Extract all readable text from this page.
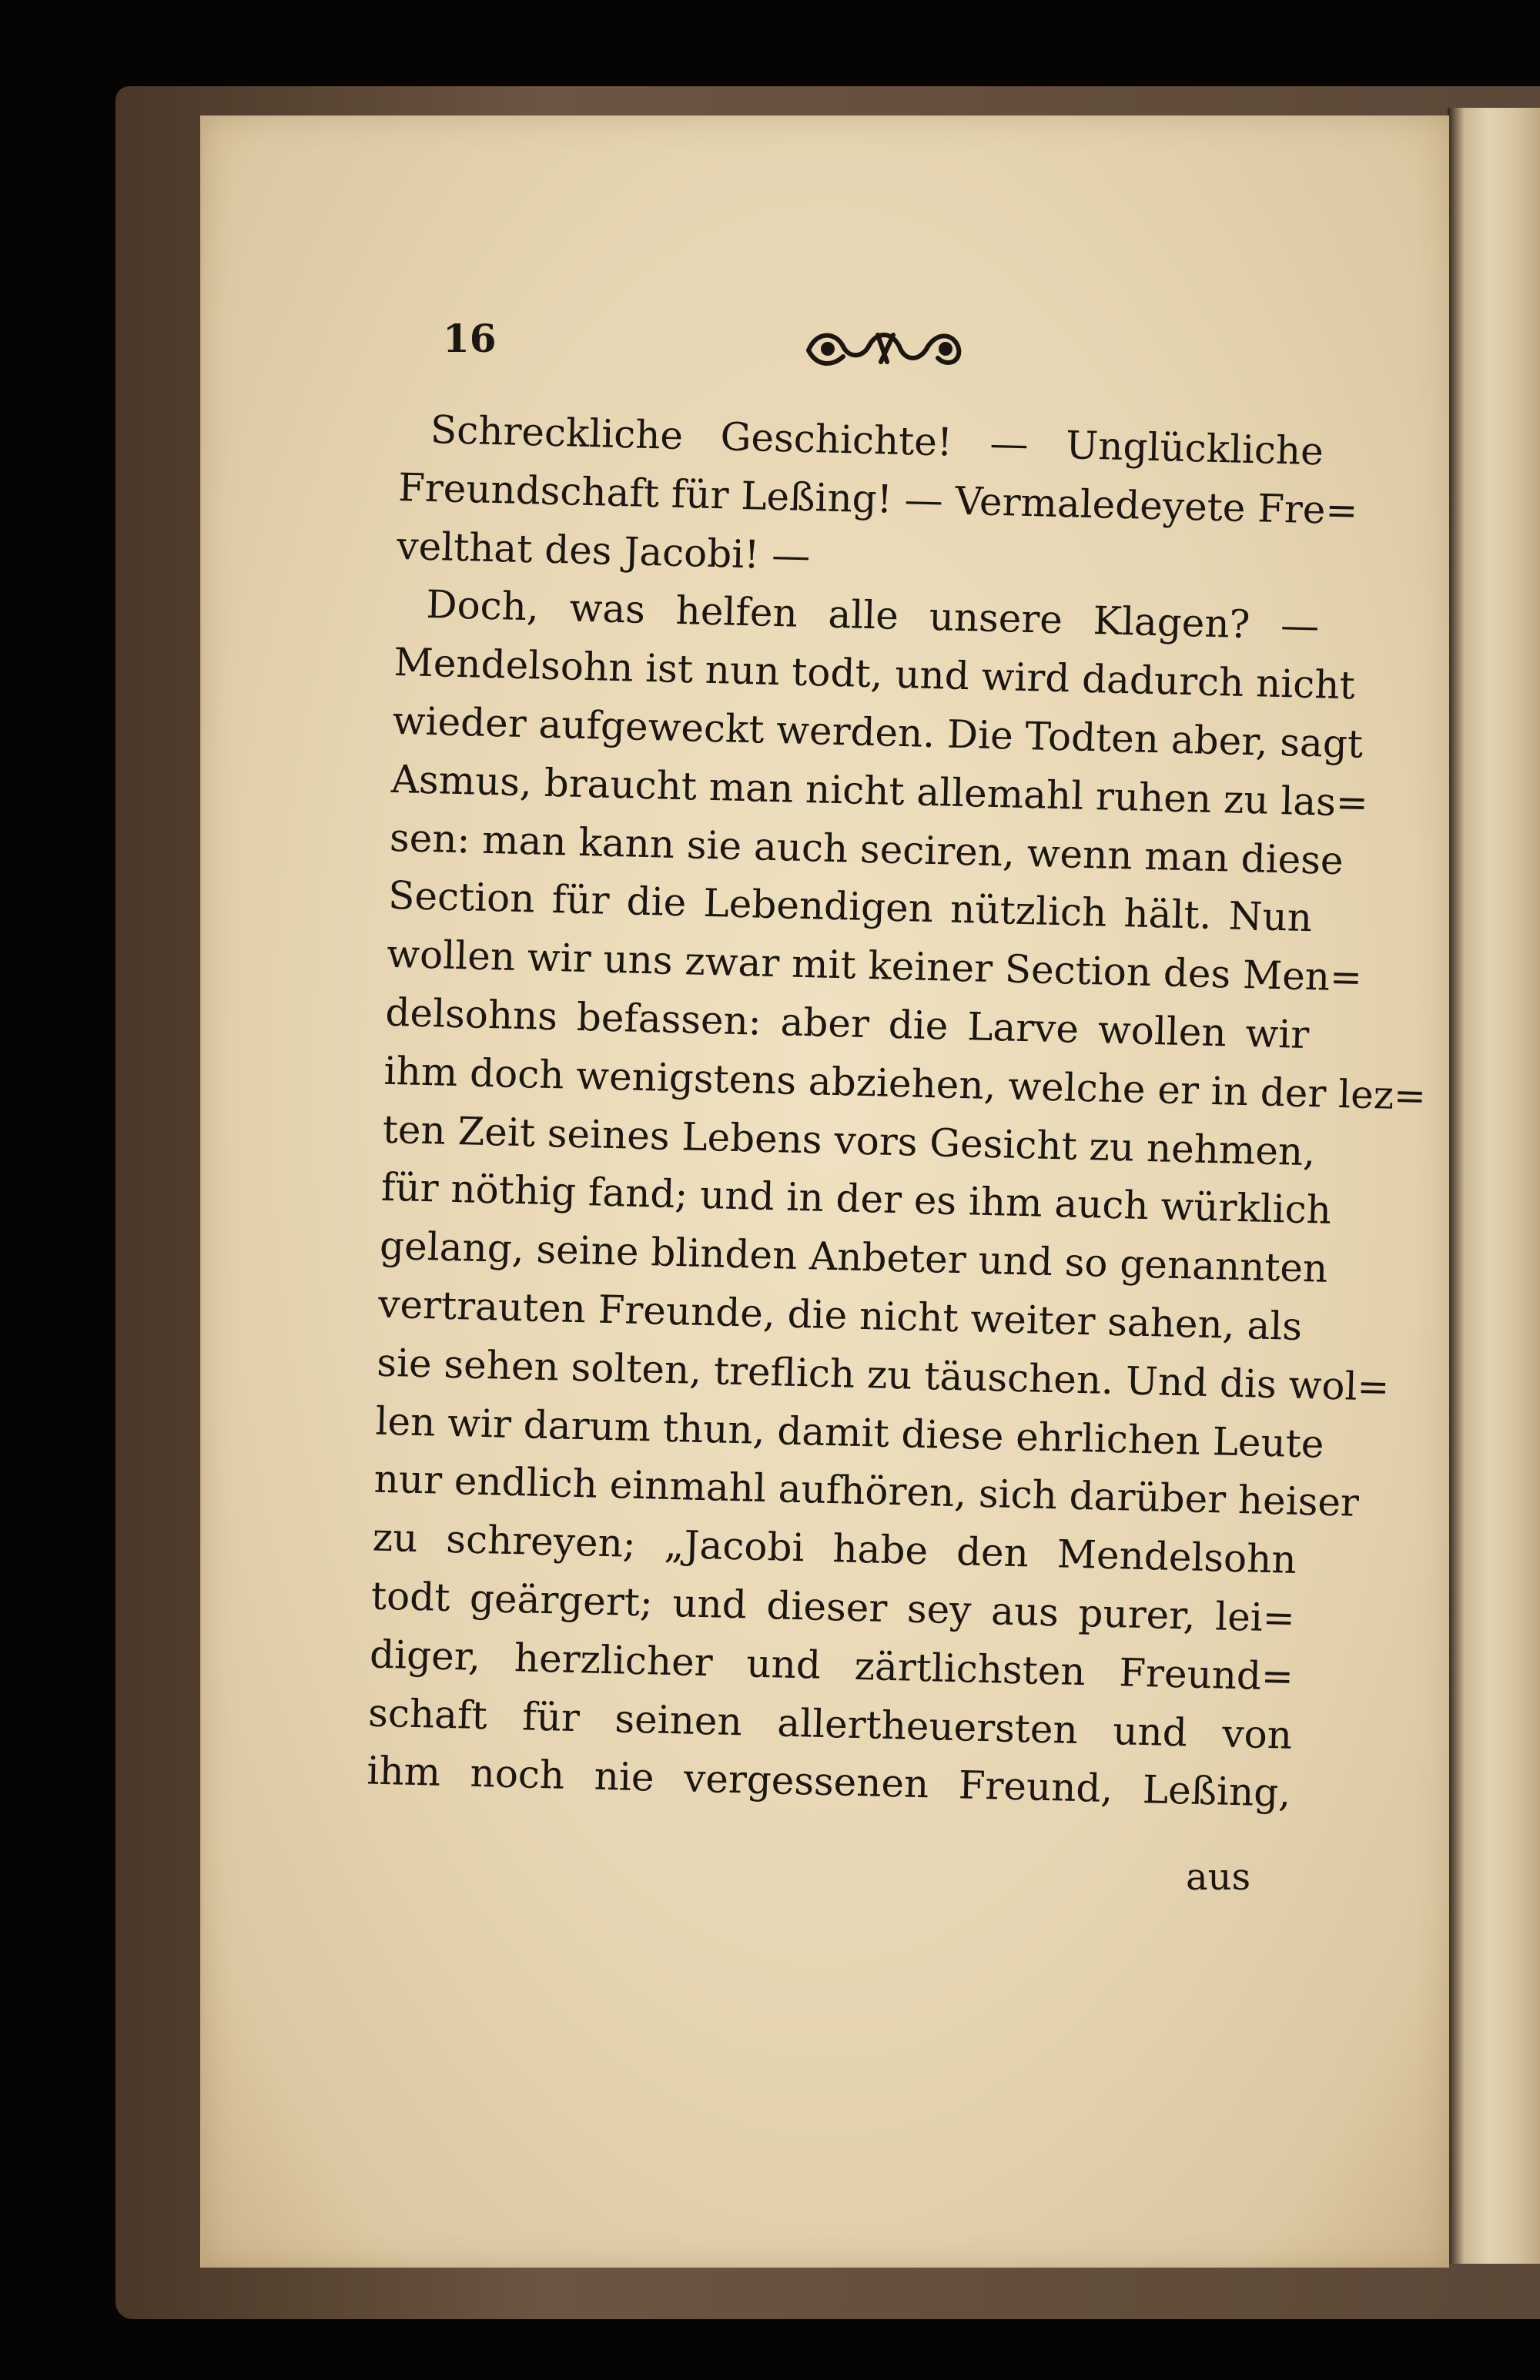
16
Schreckliche Geschichte! — Unglückliche
Freundschaft für Leßing! — Vermaledeyete Fre=
velthat des Jacobi! —
Doch, was helfen alle unsere Klagen? —
Mendelsohn ist nun todt, und wird dadurch nicht
wieder aufgeweckt werden. Die Todten aber, sagt
Asmus, braucht man nicht allemahl ruhen zu las=
sen: man kann sie auch seciren, wenn man diese
Section für die Lebendigen nützlich hält. Nun
wollen wir uns zwar mit keiner Section des Men=
delsohns befassen: aber die Larve wollen wir
ihm doch wenigstens abziehen, welche er in der lez=
ten Zeit seines Lebens vors Gesicht zu nehmen,
für nöthig fand; und in der es ihm auch würklich
gelang, seine blinden Anbeter und so genannten
vertrauten Freunde, die nicht weiter sahen, als
sie sehen solten, treflich zu täuschen. Und dis wol=
len wir darum thun, damit diese ehrlichen Leute
nur endlich einmahl aufhören, sich darüber heiser
zu schreyen; „Jacobi habe den Mendelsohn
todt geärgert; und dieser sey aus purer, lei=
diger, herzlicher und zärtlichsten Freund=
schaft für seinen allertheuersten und von
ihm noch nie vergessenen Freund, Leßing,
aus
